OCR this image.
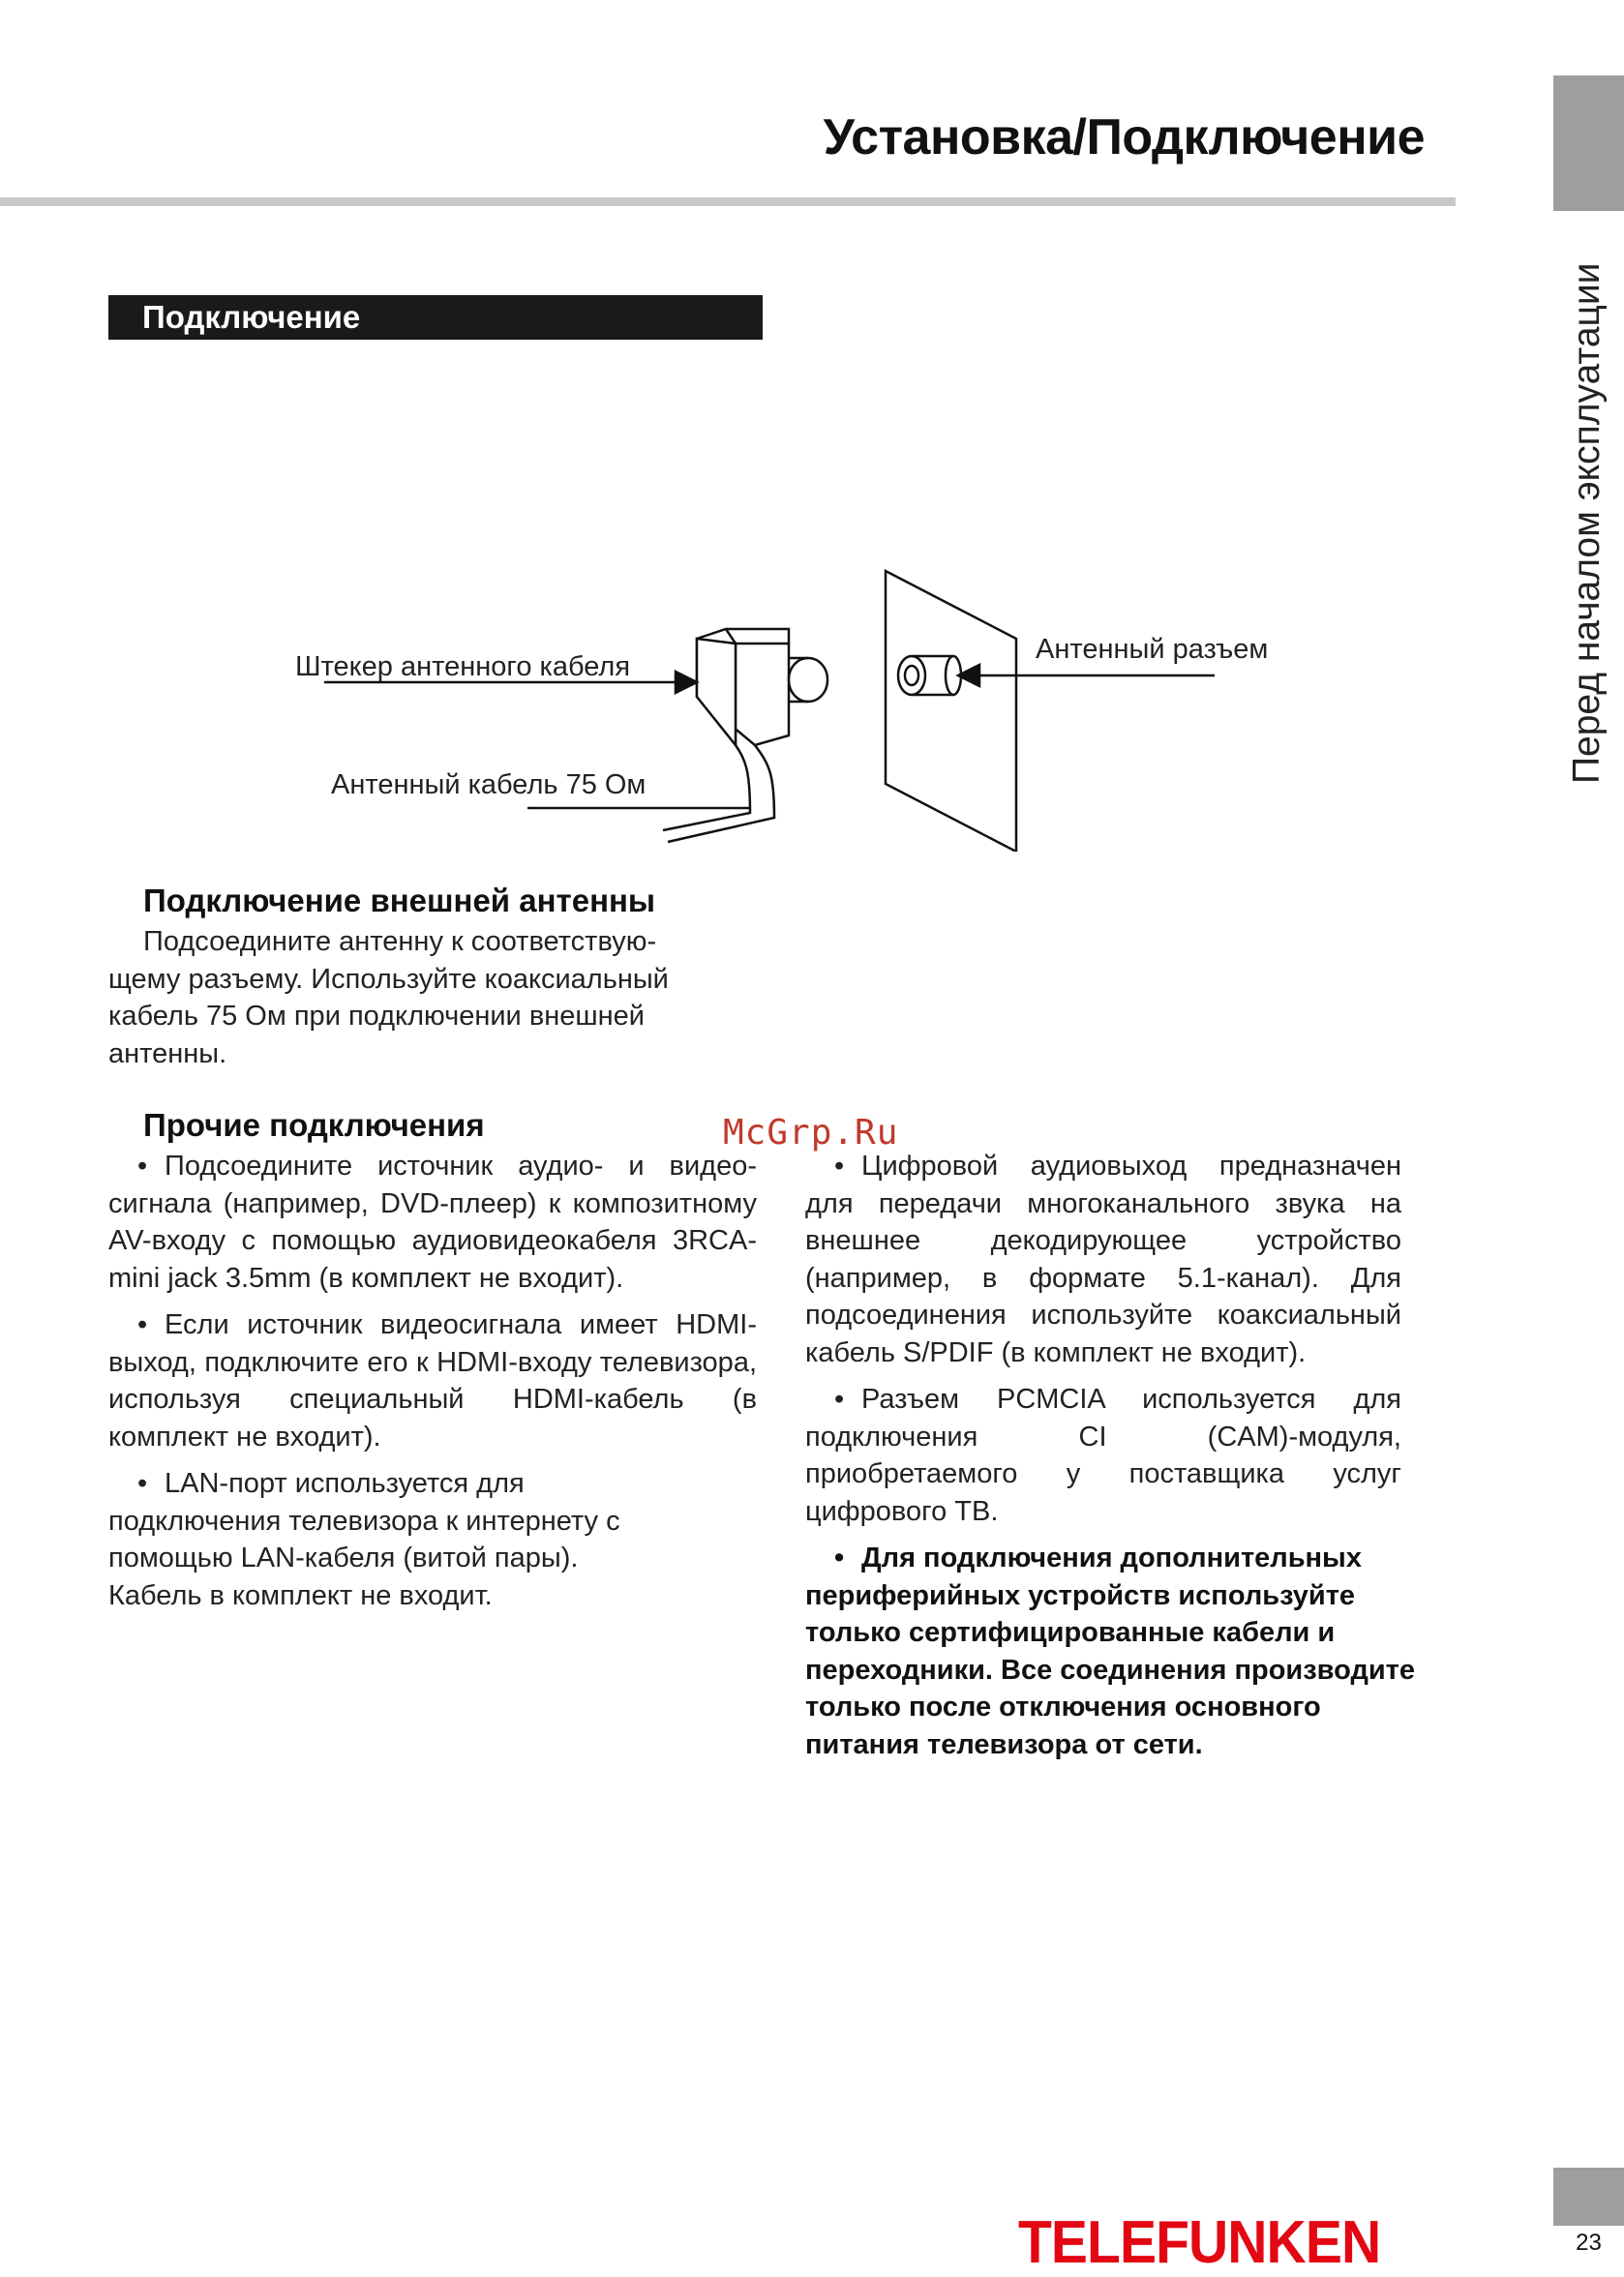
Установка/Подключение
Перед началом эксплуатации
Подключение
Штекер антенного кабеля
Антенный разъем
Антенный кабель 75 Ом
Подключение внешней антенны
Подсоедините антенну к соответствую-щему разъему. Используйте коаксиальный кабель 75 Ом при подключении внешней антенны.
McGrp.Ru
Прочие подключения
• Подсоедините источник аудио- и видео-сигнала (например, DVD-плеер) к композитному AV-входу с помощью аудиовидеокабеля 3RCA-mini jack 3.5mm (в комплект не входит).
• Если источник видеосигнала имеет HDMI-выход, подключите его к HDMI-входу телевизора, используя специальный HDMI-кабель (в комплект не входит).
• LAN-порт используется для подключения телевизора к интернету с помощью LAN-кабеля (витой пары). Кабель в комплект не входит.
• Цифровой аудиовыход предназначен для передачи многоканального звука на внешнее декодирующее устройство (например, в формате 5.1-канал). Для подсоединения используйте коаксиальный кабель S/PDIF (в комплект не входит).
• Разъем PCMCIA используется для подключения CI (CAM)-модуля, приобретаемого у поставщика услуг цифрового ТВ.
• Для подключения дополнительных периферийных устройств используйте только сертифицированные кабели и переходники. Все соединения производите только после отключения основного питания телевизора от сети.
TELEFUNKEN	23
